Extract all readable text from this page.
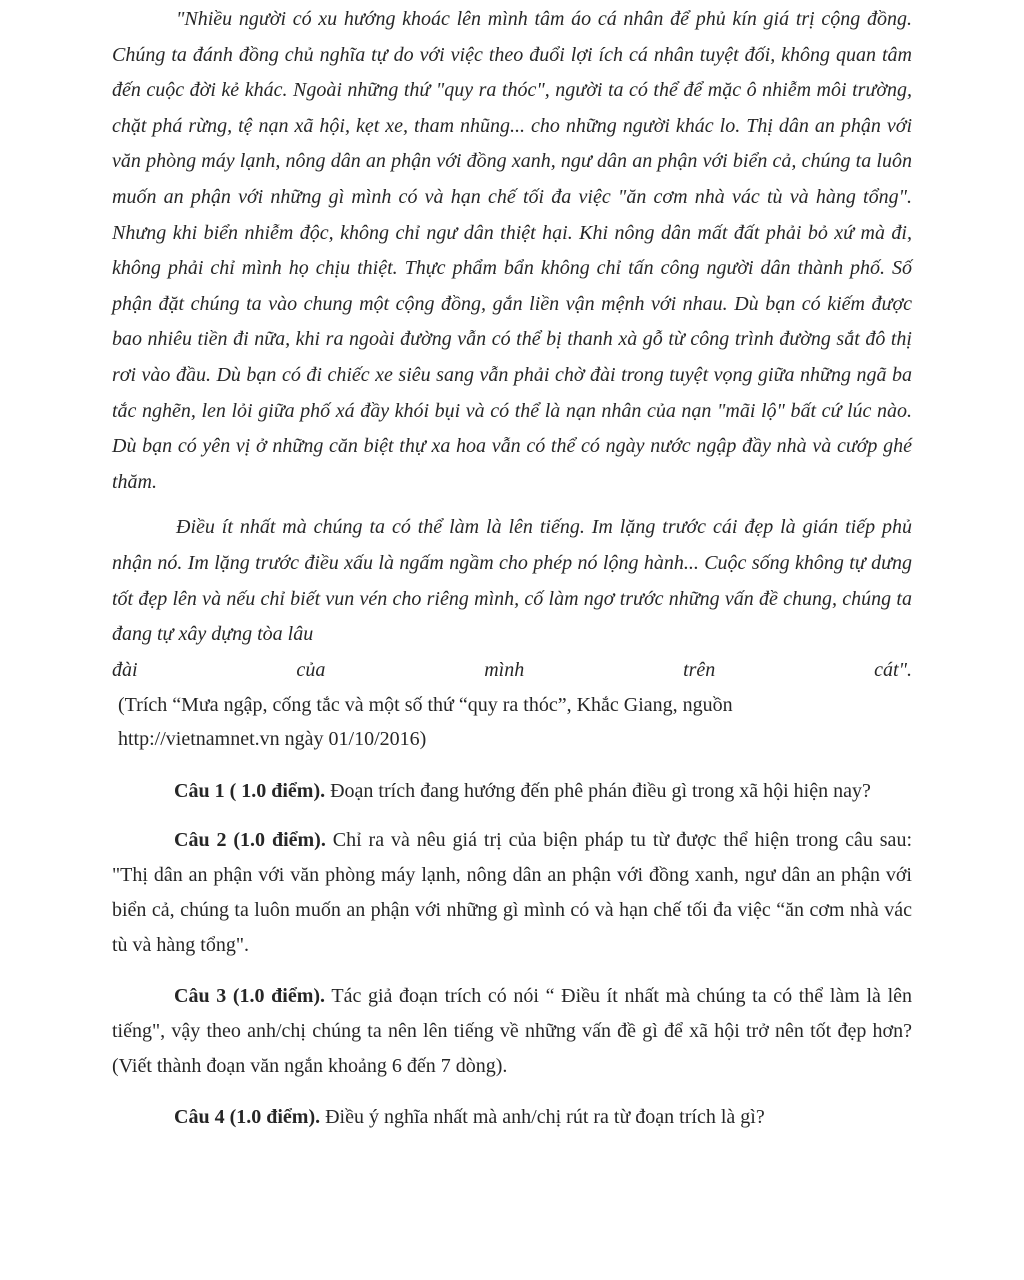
"Nhiều người có xu hướng khoác lên mình tâm áo cá nhân để phủ kín giá trị cộng đồng. Chúng ta đánh đồng chủ nghĩa tự do với việc theo đuổi lợi ích cá nhân tuyệt đối, không quan tâm đến cuộc đời kẻ khác. Ngoài những thứ "quy ra thóc", người ta có thể để mặc ô nhiễm môi trường, chặt phá rừng, tệ nạn xã hội, kẹt xe, tham nhũng... cho những người khác lo. Thị dân an phận với văn phòng máy lạnh, nông dân an phận với đồng xanh, ngư dân an phận với biển cả, chúng ta luôn muốn an phận với những gì mình có và hạn chế tối đa việc "ăn cơm nhà vác tù và hàng tổng". Nhưng khi biển nhiễm độc, không chỉ ngư dân thiệt hại. Khi nông dân mất đất phải bỏ xứ mà đi, không phải chỉ mình họ chịu thiệt. Thực phẩm bẩn không chỉ tấn công người dân thành phố. Số phận đặt chúng ta vào chung một cộng đồng, gắn liền vận mệnh với nhau. Dù bạn có kiếm được bao nhiêu tiền đi nữa, khi ra ngoài đường vẫn có thể bị thanh xà gỗ từ công trình đường sắt đô thị rơi vào đầu. Dù bạn có đi chiếc xe siêu sang vẫn phải chờ đài trong tuyệt vọng giữa những ngã ba tắc nghẽn, len lỏi giữa phố xá đầy khói bụi và có thể là nạn nhân của nạn "mãi lộ" bất cứ lúc nào. Dù bạn có yên vị ở những căn biệt thự xa hoa vẫn có thể có ngày nước ngập đầy nhà và cướp ghé thăm.

Điều ít nhất mà chúng ta có thể làm là lên tiếng. Im lặng trước cái đẹp là gián tiếp phủ nhận nó. Im lặng trước điều xấu là ngấm ngầm cho phép nó lộng hành... Cuộc sống không tự dưng tốt đẹp lên và nếu chỉ biết vun vén cho riêng mình, cố làm ngơ trước những vấn đề chung, chúng ta đang tự xây dựng tòa lâu
đài của mình trên cát".

(Trích “Mưa ngập, cống tắc và một số thứ “quy ra thóc”, Khắc Giang, nguồn
http://vietnamnet.vn ngày 01/10/2016)

Câu 1 ( 1.0 điểm). Đoạn trích đang hướng đến phê phán điều gì trong xã hội hiện nay?

Câu 2 (1.0 điểm). Chỉ ra và nêu giá trị của biện pháp tu từ được thể hiện trong câu sau: "Thị dân an phận với văn phòng máy lạnh, nông dân an phận với đồng xanh, ngư dân an phận với biển cả, chúng ta luôn muốn an phận với những gì mình có và hạn chế tối đa việc “ăn cơm nhà vác tù và hàng tổng".

Câu 3 (1.0 điểm). Tác giả đoạn trích có nói “ Điều ít nhất mà chúng ta có thể làm là lên tiếng", vậy theo anh/chị chúng ta nên lên tiếng về những vấn đề gì để xã hội trở nên tốt đẹp hơn? (Viết thành đoạn văn ngắn khoảng 6 đến 7 dòng).

Câu 4 (1.0 điểm). Điều ý nghĩa nhất mà anh/chị rút ra từ đoạn trích là gì?
